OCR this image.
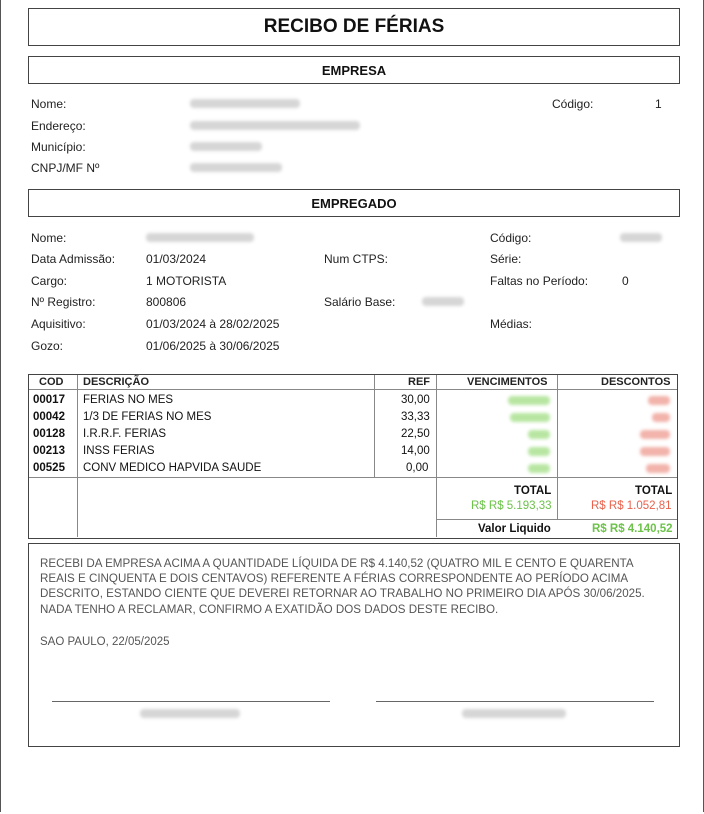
RECIBO DE FÉRIAS
EMPRESA
Nome:	Código:	1
Endereço:
Município:
CNPJ/MF Nº
EMPREGADO
Nome:	Código:
Data Admissão:	01/03/2024	Num CTPS:	Série:
Cargo:	1 MOTORISTA	Faltas no Período:	0
Nº Registro:	800806	Salário Base:
Aquisitivo:	01/03/2024 à 28/02/2025	Médias:
Gozo:	01/06/2025 à 30/06/2025
COD DESCRIÇÃO	REF	VENCIMENTOS	DESCONTOS
00017 FERIAS NO MES	30,00
00042 1/3 DE FERIAS NO MES	33,33
00128 I.R.R.F. FERIAS	22,50
00213 INSS FERIAS	14,00
00525 CONV MEDICO HAPVIDA SAUDE	0,00
TOTAL
R$ R$ 5.193,33
TOTAL
R$ R$ 1.052,81
Valor Liquido	R$ R$ 4.140,52
RECEBI DA EMPRESA ACIMA A QUANTIDADE LÍQUIDA DE R$ 4.140,52 (QUATRO MIL E CENTO E QUARENTA REAIS E CINQUENTA E DOIS CENTAVOS) REFERENTE A FÉRIAS CORRESPONDENTE AO PERÍODO ACIMA DESCRITO, ESTANDO CIENTE QUE DEVEREI RETORNAR AO TRABALHO NO PRIMEIRO DIA APÓS 30/06/2025. NADA TENHO A RECLAMAR, CONFIRMO A EXATIDÃO DOS DADOS DESTE RECIBO.
SAO PAULO, 22/05/2025
